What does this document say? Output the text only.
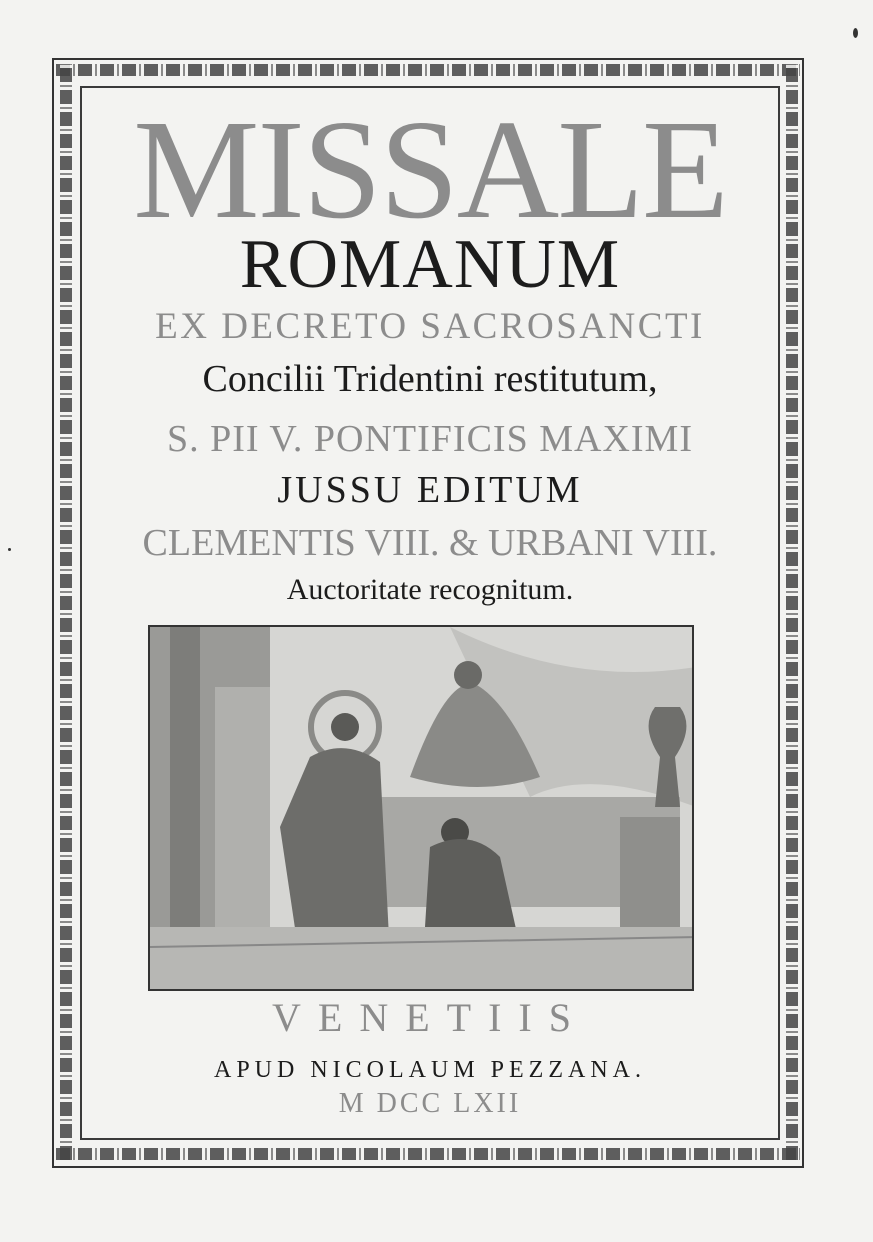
MISSALE
ROMANUM
EX DECRETO SACROSANCTI
Concilii Tridentini restitutum,
S. PII V. PONTIFICIS MAXIMI
JUSSU EDITUM
CLEMENTIS VIII. & URBANI VIII.
Auctoritate recognitum.
VENETIIS
APUD NICOLAUM PEZZANA.
M DCC LXII
